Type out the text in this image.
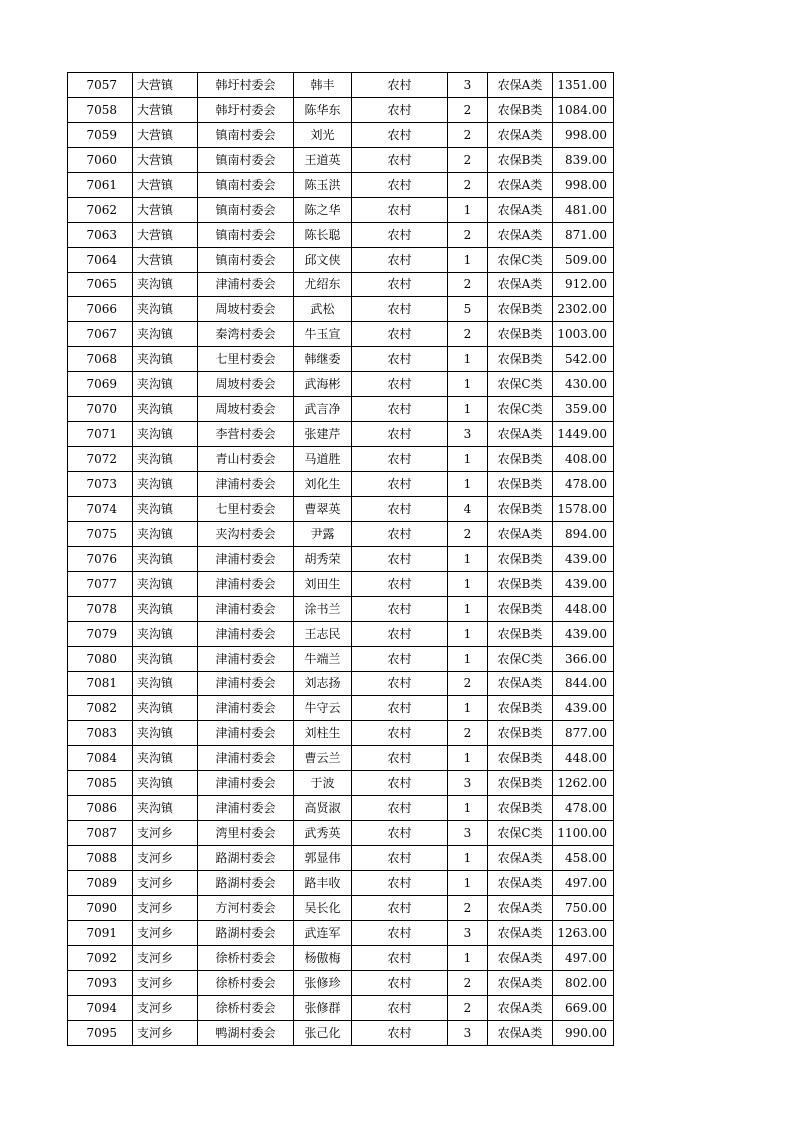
7057	大营镇	韩圩村委会	韩丰	农村	3	农保A类	1351.00
7058	大营镇	韩圩村委会	陈华东	农村	2	农保B类	1084.00
7059	大营镇	镇南村委会	刘光	农村	2	农保A类	998.00
7060	大营镇	镇南村委会	王道英	农村	2	农保B类	839.00
7061	大营镇	镇南村委会	陈玉洪	农村	2	农保A类	998.00
7062	大营镇	镇南村委会	陈之华	农村	1	农保A类	481.00
7063	大营镇	镇南村委会	陈长聪	农村	2	农保A类	871.00
7064	大营镇	镇南村委会	邱文侠	农村	1	农保C类	509.00
7065	夹沟镇	津浦村委会	尤绍东	农村	2	农保A类	912.00
7066	夹沟镇	周坡村委会	武松	农村	5	农保B类	2302.00
7067	夹沟镇	秦湾村委会	牛玉宣	农村	2	农保B类	1003.00
7068	夹沟镇	七里村委会	韩继委	农村	1	农保B类	542.00
7069	夹沟镇	周坡村委会	武海彬	农村	1	农保C类	430.00
7070	夹沟镇	周坡村委会	武言净	农村	1	农保C类	359.00
7071	夹沟镇	李营村委会	张建芹	农村	3	农保A类	1449.00
7072	夹沟镇	青山村委会	马道胜	农村	1	农保B类	408.00
7073	夹沟镇	津浦村委会	刘化生	农村	1	农保B类	478.00
7074	夹沟镇	七里村委会	曹翠英	农村	4	农保B类	1578.00
7075	夹沟镇	夹沟村委会	尹露	农村	2	农保A类	894.00
7076	夹沟镇	津浦村委会	胡秀荣	农村	1	农保B类	439.00
7077	夹沟镇	津浦村委会	刘田生	农村	1	农保B类	439.00
7078	夹沟镇	津浦村委会	涂书兰	农村	1	农保B类	448.00
7079	夹沟镇	津浦村委会	王志民	农村	1	农保B类	439.00
7080	夹沟镇	津浦村委会	牛端兰	农村	1	农保C类	366.00
7081	夹沟镇	津浦村委会	刘志扬	农村	2	农保A类	844.00
7082	夹沟镇	津浦村委会	牛守云	农村	1	农保B类	439.00
7083	夹沟镇	津浦村委会	刘柱生	农村	2	农保B类	877.00
7084	夹沟镇	津浦村委会	曹云兰	农村	1	农保B类	448.00
7085	夹沟镇	津浦村委会	于波	农村	3	农保B类	1262.00
7086	夹沟镇	津浦村委会	高贤淑	农村	1	农保B类	478.00
7087	支河乡	湾里村委会	武秀英	农村	3	农保C类	1100.00
7088	支河乡	路湖村委会	郭显伟	农村	1	农保A类	458.00
7089	支河乡	路湖村委会	路丰收	农村	1	农保A类	497.00
7090	支河乡	方河村委会	吴长化	农村	2	农保A类	750.00
7091	支河乡	路湖村委会	武连军	农村	3	农保A类	1263.00
7092	支河乡	徐桥村委会	杨傲梅	农村	1	农保A类	497.00
7093	支河乡	徐桥村委会	张修珍	农村	2	农保A类	802.00
7094	支河乡	徐桥村委会	张修群	农村	2	农保A类	669.00
7095	支河乡	鸭湖村委会	张己化	农村	3	农保A类	990.00
